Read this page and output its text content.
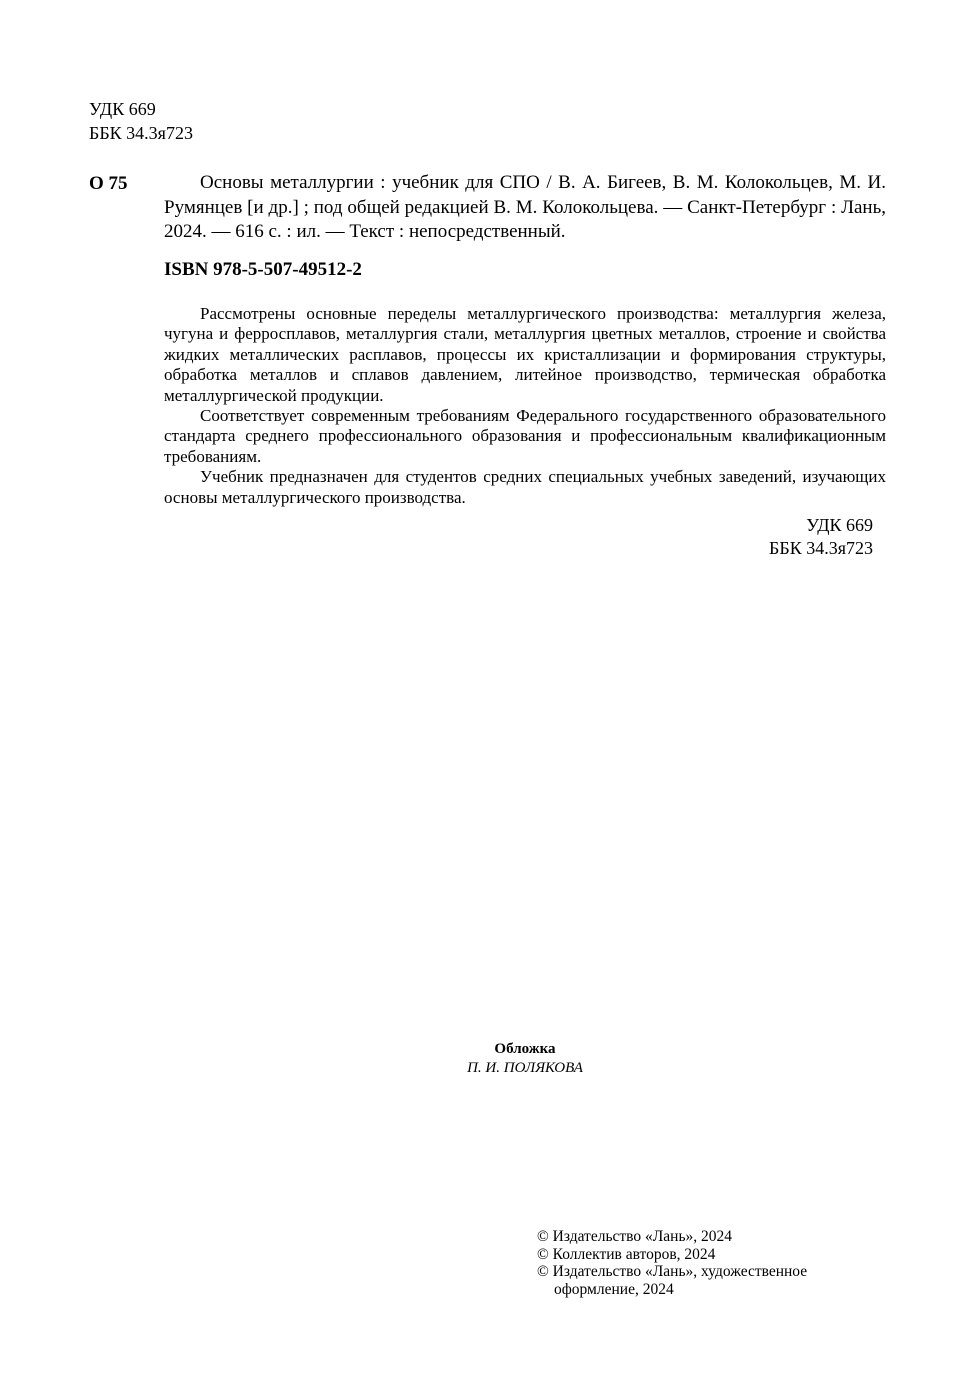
УДК 669
ББК 34.3я723
О 75	Основы металлургии : учебник для СПО / В. А. Бигеев, В. М. Колокольцев, М. И. Румянцев [и др.] ; под общей редакцией В. М. Колокольцева. — Санкт-Петербург : Лань, 2024. — 616 с. : ил. — Текст : непосредственный.
ISBN 978-5-507-49512-2

Рассмотрены основные переделы металлургического производства: металлургия железа, чугуна и ферросплавов, металлургия стали, металлургия цветных металлов, строение и свойства жидких металлических расплавов, процессы их кристаллизации и формирования структуры, обработка металлов и сплавов давлением, литейное производство, термическая обработка металлургической продукции.

Соответствует современным требованиям Федерального государственного образовательного стандарта среднего профессионального образования и профессиональным квалификационным требованиям.

Учебник предназначен для студентов средних специальных учебных заведений, изучающих основы металлургического производства.

УДК 669
ББК 34.3я723
Обложка
П. И. ПОЛЯКОВА
© Издательство «Лань», 2024
© Коллектив авторов, 2024
© Издательство «Лань», художественное
оформление, 2024
